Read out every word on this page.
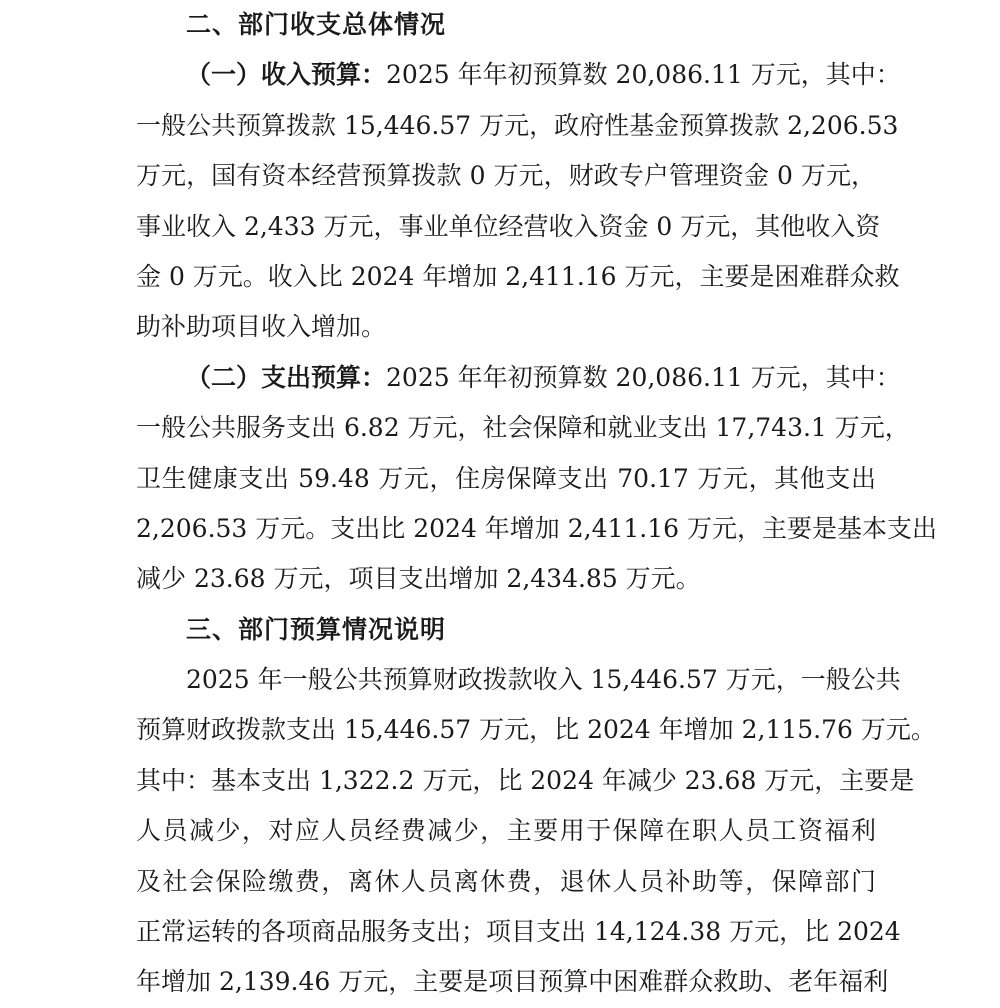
二、部门收支总体情况
（一）收入预算：2025 年年初预算数 20,086.11 万元，其中：
一般公共预算拨款 15,446.57 万元，政府性基金预算拨款 2,206.53
万元，国有资本经营预算拨款 0 万元，财政专户管理资金 0 万元，
事业收入 2,433 万元，事业单位经营收入资金 0 万元，其他收入资
金 0 万元。收入比 2024 年增加 2,411.16 万元，主要是困难群众救
助补助项目收入增加。
（二）支出预算：2025 年年初预算数 20,086.11 万元，其中：
一般公共服务支出 6.82 万元，社会保障和就业支出 17,743.1 万元，
卫生健康支出 59.48 万元，住房保障支出 70.17 万元，其他支出
2,206.53 万元。支出比 2024 年增加 2,411.16 万元，主要是基本支出
减少 23.68 万元，项目支出增加 2,434.85 万元。
三、部门预算情况说明
2025 年一般公共预算财政拨款收入 15,446.57 万元，一般公共
预算财政拨款支出 15,446.57 万元，比 2024 年增加 2,115.76 万元。
其中：基本支出 1,322.2 万元，比 2024 年减少 23.68 万元，主要是
人员减少，对应人员经费减少，主要用于保障在职人员工资福利
及社会保险缴费，离休人员离休费，退休人员补助等，保障部门
正常运转的各项商品服务支出；项目支出 14,124.38 万元，比 2024
年增加 2,139.46 万元，主要是项目预算中困难群众救助、老年福利
